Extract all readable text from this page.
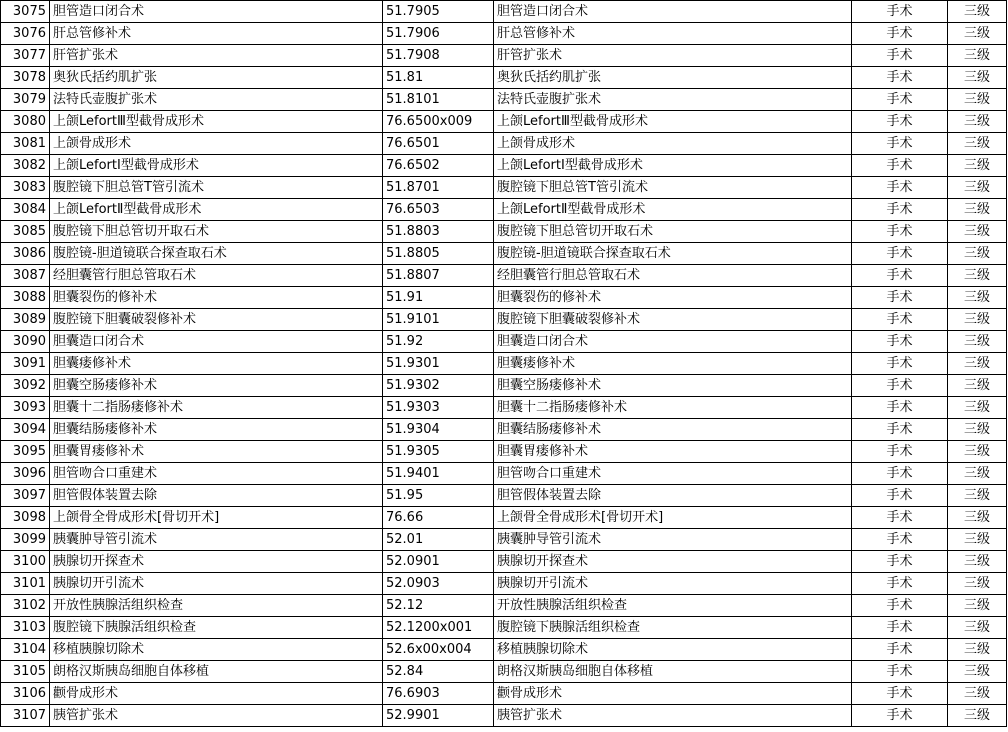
3075	胆管造口闭合术	51.7905	胆管造口闭合术	手术	三级
3076	肝总管修补术	51.7906	肝总管修补术	手术	三级
3077	肝管扩张术	51.7908	肝管扩张术	手术	三级
3078	奥狄氏括约肌扩张	51.81	奥狄氏括约肌扩张	手术	三级
3079	法特氏壶腹扩张术	51.8101	法特氏壶腹扩张术	手术	三级
3080	上颌LefortⅢ型截骨成形术	76.6500x009	上颌LefortⅢ型截骨成形术	手术	三级
3081	上颌骨成形术	76.6501	上颌骨成形术	手术	三级
3082	上颌LefortⅠ型截骨成形术	76.6502	上颌LefortⅠ型截骨成形术	手术	三级
3083	腹腔镜下胆总管T管引流术	51.8701	腹腔镜下胆总管T管引流术	手术	三级
3084	上颌LefortⅡ型截骨成形术	76.6503	上颌LefortⅡ型截骨成形术	手术	三级
3085	腹腔镜下胆总管切开取石术	51.8803	腹腔镜下胆总管切开取石术	手术	三级
3086	腹腔镜-胆道镜联合探查取石术	51.8805	腹腔镜-胆道镜联合探查取石术	手术	三级
3087	经胆囊管行胆总管取石术	51.8807	经胆囊管行胆总管取石术	手术	三级
3088	胆囊裂伤的修补术	51.91	胆囊裂伤的修补术	手术	三级
3089	腹腔镜下胆囊破裂修补术	51.9101	腹腔镜下胆囊破裂修补术	手术	三级
3090	胆囊造口闭合术	51.92	胆囊造口闭合术	手术	三级
3091	胆囊瘘修补术	51.9301	胆囊瘘修补术	手术	三级
3092	胆囊空肠瘘修补术	51.9302	胆囊空肠瘘修补术	手术	三级
3093	胆囊十二指肠瘘修补术	51.9303	胆囊十二指肠瘘修补术	手术	三级
3094	胆囊结肠瘘修补术	51.9304	胆囊结肠瘘修补术	手术	三级
3095	胆囊胃瘘修补术	51.9305	胆囊胃瘘修补术	手术	三级
3096	胆管吻合口重建术	51.9401	胆管吻合口重建术	手术	三级
3097	胆管假体装置去除	51.95	胆管假体装置去除	手术	三级
3098	上颌骨全骨成形术[骨切开术]	76.66	上颌骨全骨成形术[骨切开术]	手术	三级
3099	胰囊肿导管引流术	52.01	胰囊肿导管引流术	手术	三级
3100	胰腺切开探查术	52.0901	胰腺切开探查术	手术	三级
3101	胰腺切开引流术	52.0903	胰腺切开引流术	手术	三级
3102	开放性胰腺活组织检查	52.12	开放性胰腺活组织检查	手术	三级
3103	腹腔镜下胰腺活组织检查	52.1200x001	腹腔镜下胰腺活组织检查	手术	三级
3104	移植胰腺切除术	52.6x00x004	移植胰腺切除术	手术	三级
3105	朗格汉斯胰岛细胞自体移植	52.84	朗格汉斯胰岛细胞自体移植	手术	三级
3106	颧骨成形术	76.6903	颧骨成形术	手术	三级
3107	胰管扩张术	52.9901	胰管扩张术	手术	三级
